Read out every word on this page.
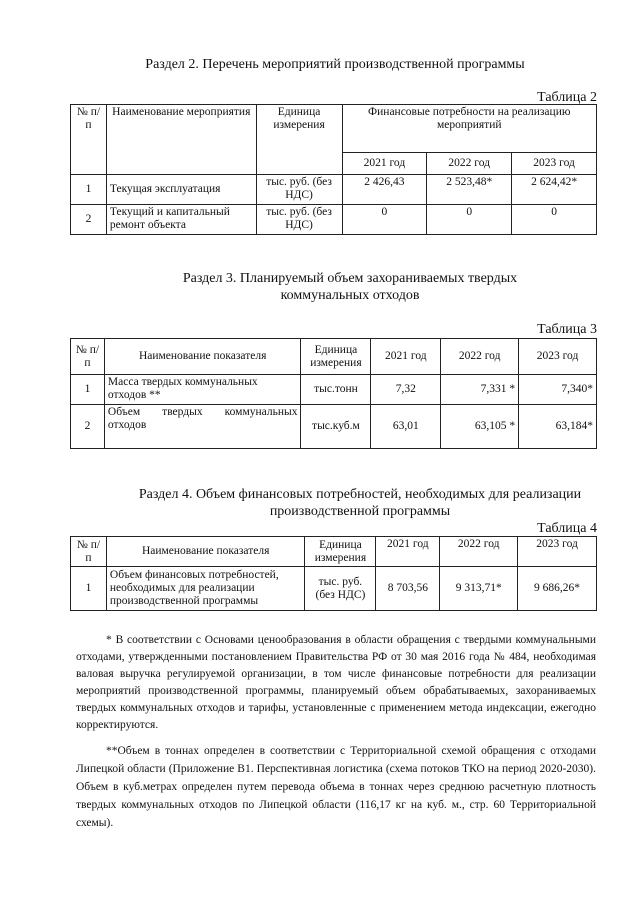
Раздел 2. Перечень мероприятий производственной программы
Таблица 2
№ п/п	Наименование мероприятия	Единица измерения	Финансовые потребности на реализацию мероприятий		
			2021 год	2022 год	2023 год
1	Текущая эксплуатация	тыс. руб. (без НДС)	2 426,43	2 523,48*	2 624,42*
2	Текущий и капитальный ремонт объекта	тыс. руб. (без НДС)	0	0	0
Раздел 3. Планируемый объем захораниваемых твердых
коммунальных отходов
Таблица 3
№ п/п	Наименование показателя	Единица измерения	2021 год	2022 год	2023 год
1	Масса твердых коммунальных отходов **	тыс.тонн	7,32	7,331 *	7,340*
2	Объем твердых коммунальных отходов	тыс.куб.м	63,01	63,105 *	63,184*
Раздел 4. Объем финансовых потребностей, необходимых для реализации
производственной программы
Таблица 4
№ п/п	Наименование показателя	Единица измерения	2021 год	2022 год	2023 год
1	Объем финансовых потребностей, необходимых для реализации производственной программы	тыс. руб. (без НДС)	8 703,56	9 313,71*	9 686,26*
* В соответствии с Основами ценообразования в области обращения с твердыми коммунальными отходами, утвержденными постановлением Правительства РФ от 30 мая 2016 года № 484, необходимая валовая выручка регулируемой организации, в том числе финансовые потребности для реализации мероприятий производственной программы, планируемый объем обрабатываемых, захораниваемых твердых коммунальных отходов и тарифы, установленные с применением метода индексации, ежегодно корректируются.
**Объем в тоннах определен в соответствии с Территориальной схемой обращения с отходами Липецкой области (Приложение В1. Перспективная логистика (схема потоков ТКО на период 2020-2030). Объем в куб.метрах определен путем перевода объема в тоннах через среднюю расчетную плотность твердых коммунальных отходов по Липецкой области (116,17 кг на куб. м., стр. 60 Территориальной схемы).
